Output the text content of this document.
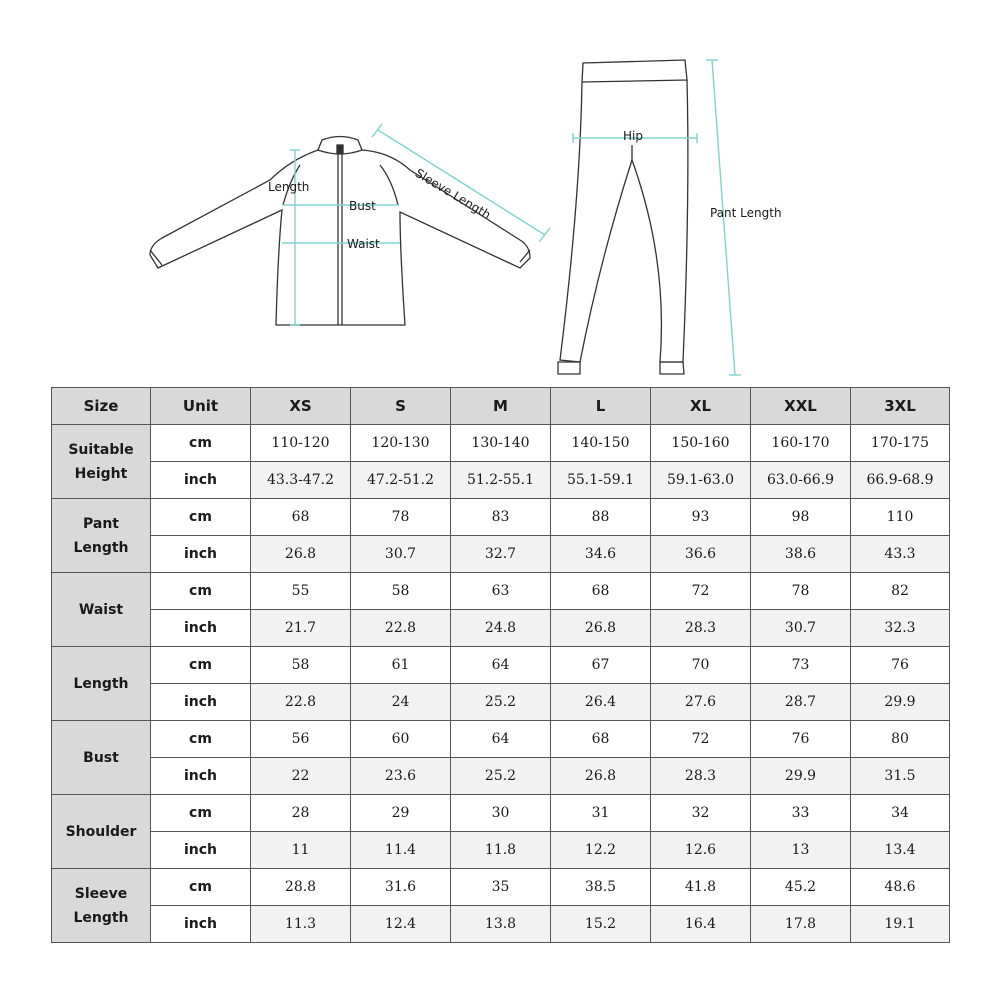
Length
Bust
Waist
Sleeve Length
Hip
Pant Length
Size	Unit	XS	S	M	L	XL	XXL	3XL
Suitable
Height	cm	110-120	120-130	130-140	140-150	150-160	160-170	170-175
	inch	43.3-47.2	47.2-51.2	51.2-55.1	55.1-59.1	59.1-63.0	63.0-66.9	66.9-68.9
Pant
Length	cm	68	78	83	88	93	98	110
	inch	26.8	30.7	32.7	34.6	36.6	38.6	43.3
Waist	cm	55	58	63	68	72	78	82
	inch	21.7	22.8	24.8	26.8	28.3	30.7	32.3
Length	cm	58	61	64	67	70	73	76
	inch	22.8	24	25.2	26.4	27.6	28.7	29.9
Bust	cm	56	60	64	68	72	76	80
	inch	22	23.6	25.2	26.8	28.3	29.9	31.5
Shoulder	cm	28	29	30	31	32	33	34
	inch	11	11.4	11.8	12.2	12.6	13	13.4
Sleeve
Length	cm	28.8	31.6	35	38.5	41.8	45.2	48.6
	inch	11.3	12.4	13.8	15.2	16.4	17.8	19.1
